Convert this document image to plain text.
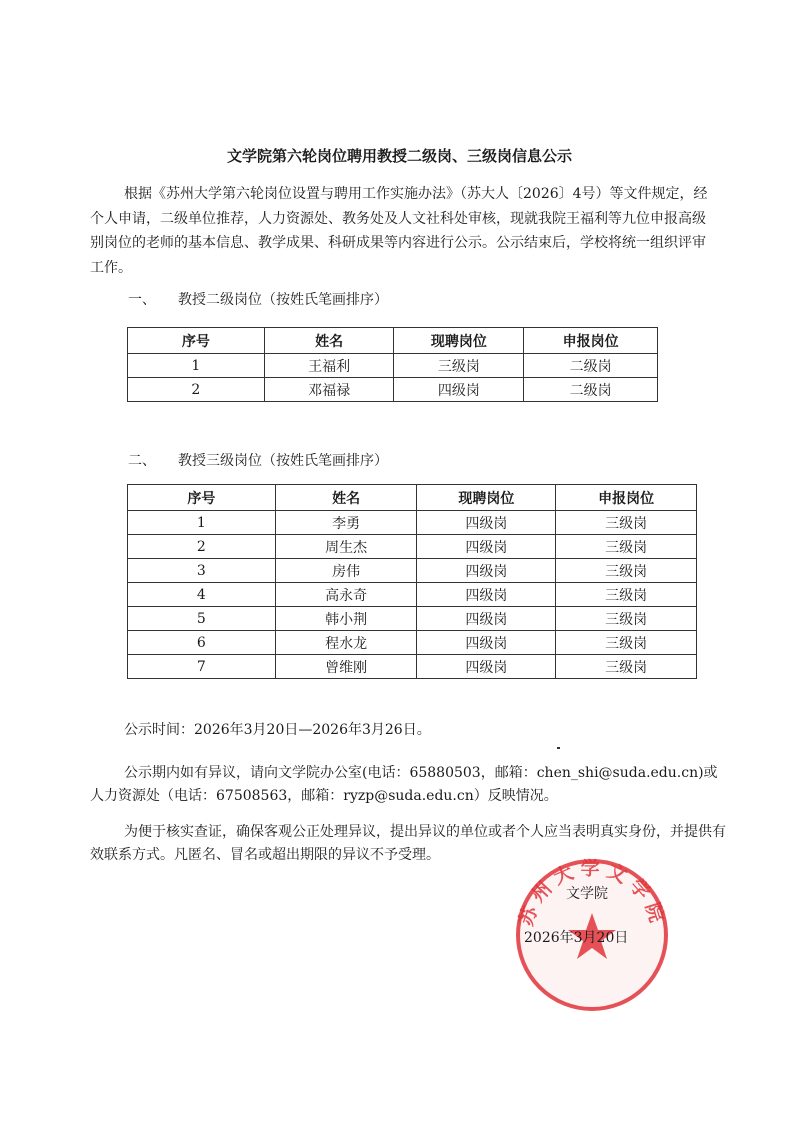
文学院第六轮岗位聘用教授二级岗、三级岗信息公示
根据《苏州大学第六轮岗位设置与聘用工作实施办法》（苏大人〔2026〕4号）等文件规定，经个人申请，二级单位推荐，人力资源处、教务处及人文社科处审核，现就我院王福利等九位申报高级别岗位的老师的基本信息、教学成果、科研成果等内容进行公示。公示结束后，学校将统一组织评审工作。
一、 教授二级岗位（按姓氏笔画排序）
序号	姓名	现聘岗位	申报岗位
1	王福利	三级岗	二级岗
2	邓福禄	四级岗	二级岗
二、 教授三级岗位（按姓氏笔画排序）
序号	姓名	现聘岗位	申报岗位
1	李勇	四级岗	三级岗
2	周生杰	四级岗	三级岗
3	房伟	四级岗	三级岗
4	高永奇	四级岗	三级岗
5	韩小荆	四级岗	三级岗
6	程水龙	四级岗	三级岗
7	曾维刚	四级岗	三级岗
公示时间：2026年3月20日—2026年3月26日。
公示期内如有异议，请向文学院办公室(电话：65880503，邮箱：chen_shi@suda.edu.cn)或人力资源处（电话：67508563，邮箱：ryzp@suda.edu.cn）反映情况。
为便于核实查证，确保客观公正处理异议，提出异议的单位或者个人应当表明真实身份，并提供有效联系方式。凡匿名、冒名或超出期限的异议不予受理。
苏州大学文学院
文学院
2026年3月20日
